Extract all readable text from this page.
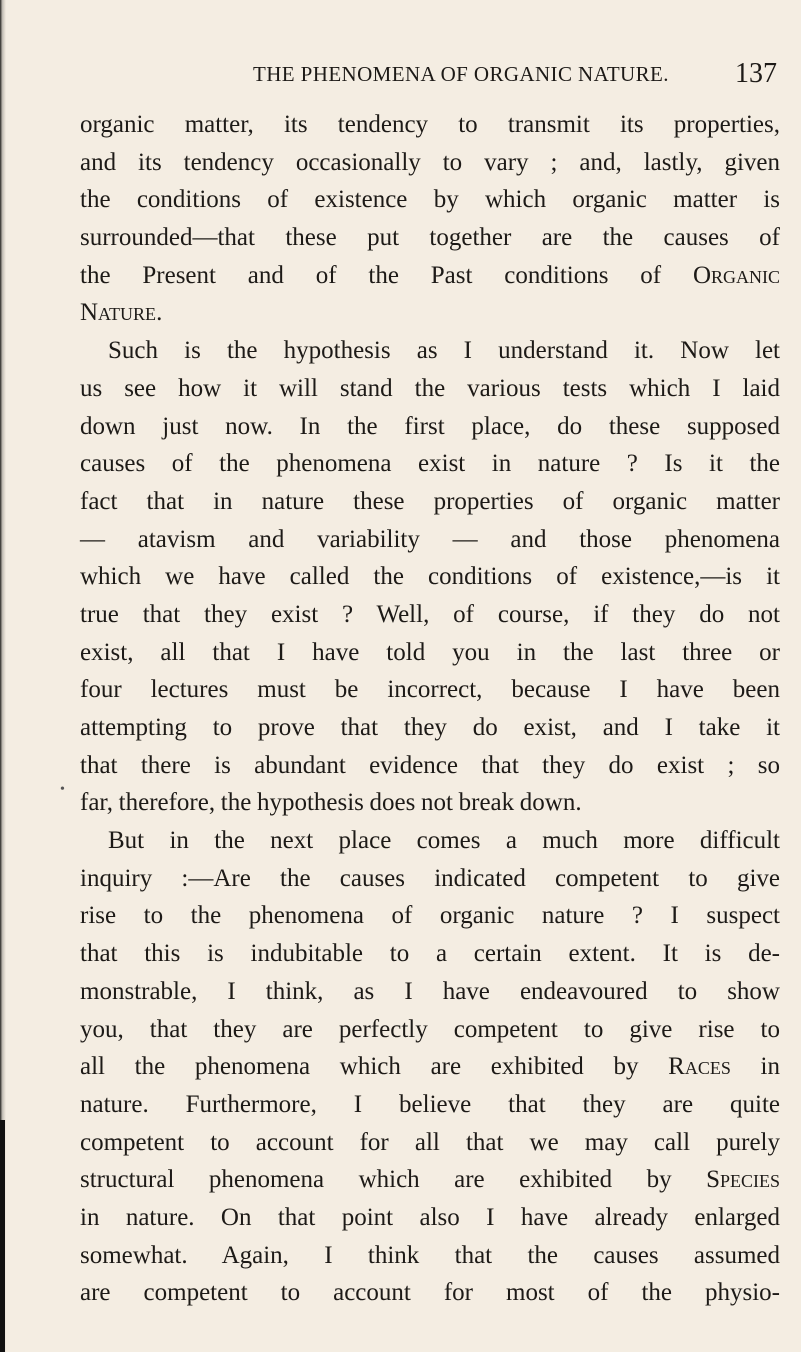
THE PHENOMENA OF ORGANIC NATURE. 137
•
organic matter, its tendency to transmit its properties,
and its tendency occasionally to vary ; and, lastly, given
the conditions of existence by which organic matter is
surrounded—that these put together are the causes of
the Present and of the Past conditions of Organic
Nature.
Such is the hypothesis as I understand it. Now let
us see how it will stand the various tests which I laid
down just now. In the first place, do these supposed
causes of the phenomena exist in nature ? Is it the
fact that in nature these properties of organic matter
— atavism and variability — and those phenomena
which we have called the conditions of existence,—is it
true that they exist ? Well, of course, if they do not
exist, all that I have told you in the last three or
four lectures must be incorrect, because I have been
attempting to prove that they do exist, and I take it
that there is abundant evidence that they do exist ; so
far, therefore, the hypothesis does not break down.
But in the next place comes a much more difficult
inquiry :—Are the causes indicated competent to give
rise to the phenomena of organic nature ? I suspect
that this is indubitable to a certain extent. It is de-
monstrable, I think, as I have endeavoured to show
you, that they are perfectly competent to give rise to
all the phenomena which are exhibited by Races in
nature. Furthermore, I believe that they are quite
competent to account for all that we may call purely
structural phenomena which are exhibited by Species
in nature. On that point also I have already enlarged
somewhat. Again, I think that the causes assumed
are competent to account for most of the physio-
